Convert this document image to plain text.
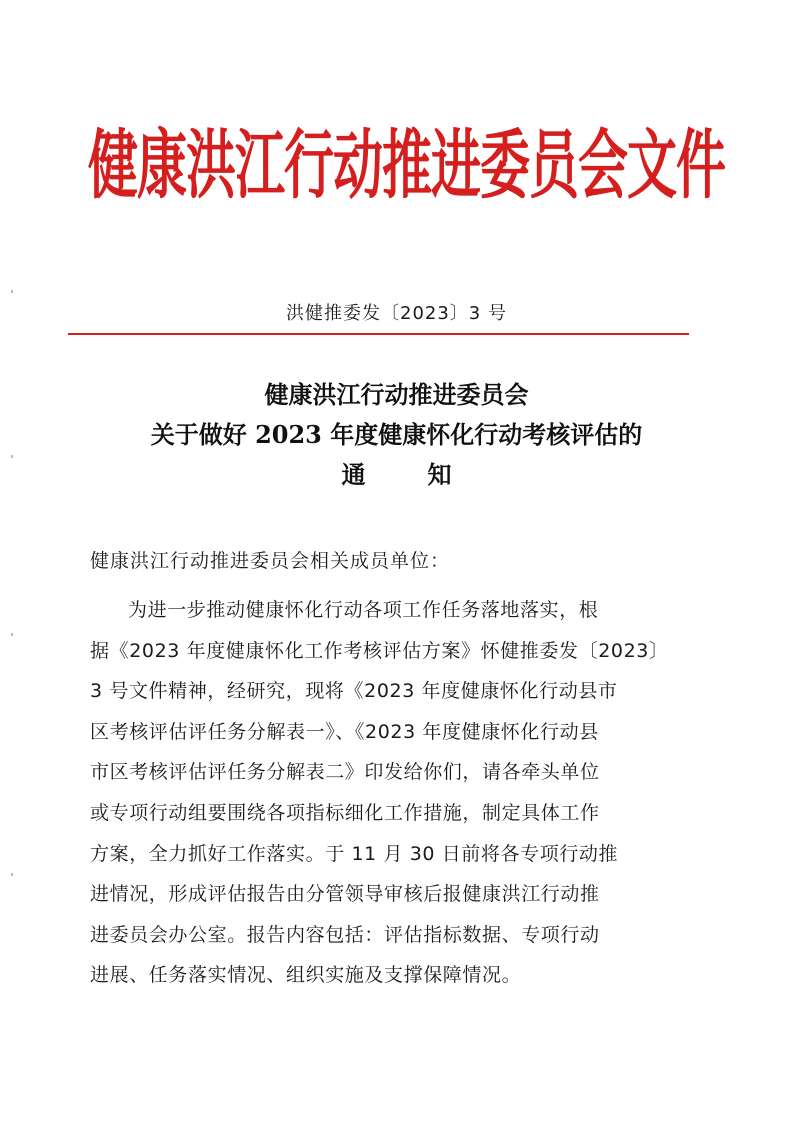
健康洪江行动推进委员会文件
洪健推委发〔2023〕3 号
健康洪江行动推进委员会
关于做好 2023 年度健康怀化行动考核评估的
通知
健康洪江行动推进委员会相关成员单位：
为进一步推动健康怀化行动各项工作任务落地落实，根
据《2023 年度健康怀化工作考核评估方案》怀健推委发〔2023〕
3 号文件精神，经研究，现将《2023 年度健康怀化行动县市
区考核评估评任务分解表一》、《2023 年度健康怀化行动县
市区考核评估评任务分解表二》印发给你们，请各牵头单位
或专项行动组要围绕各项指标细化工作措施，制定具体工作
方案，全力抓好工作落实。于 11 月 30 日前将各专项行动推
进情况，形成评估报告由分管领导审核后报健康洪江行动推
进委员会办公室。报告内容包括：评估指标数据、专项行动
进展、任务落实情况、组织实施及支撑保障情况。
